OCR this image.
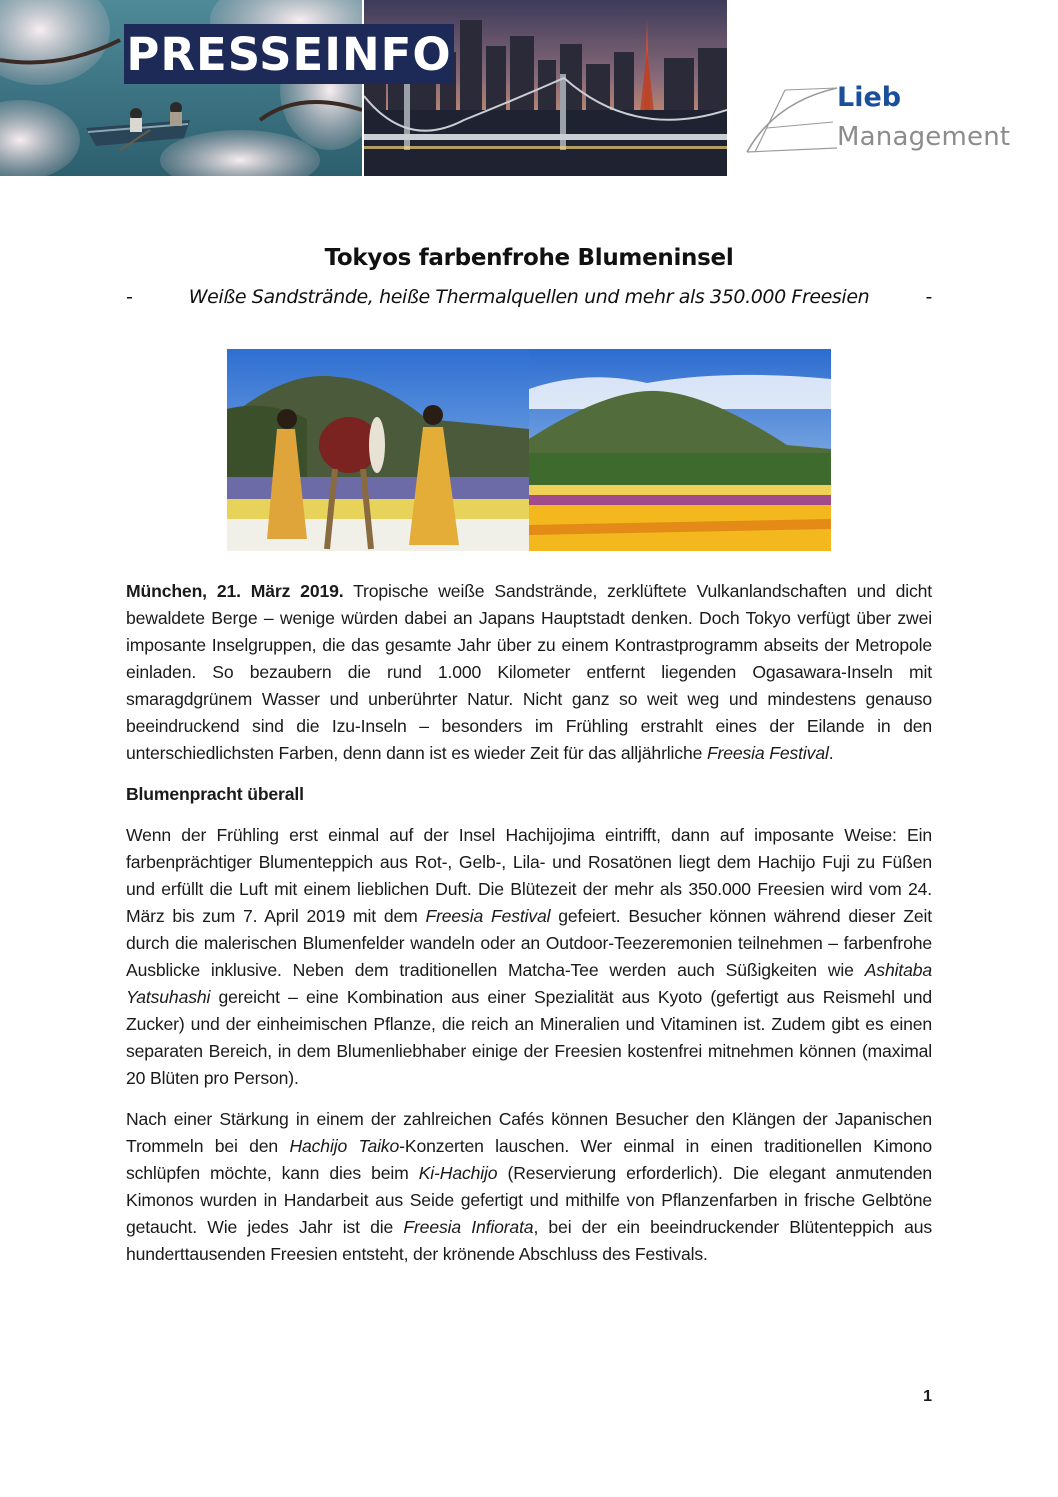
PRESSEINFO
Lieb
Management
Tokyos farbenfrohe Blumeninsel
-	Weiße Sandstrände, heiße Thermalquellen und mehr als 350.000 Freesien	-

München, 21. März 2019. Tropische weiße Sandstrände, zerklüftete Vulkanlandschaften und dicht bewaldete Berge – wenige würden dabei an Japans Hauptstadt denken. Doch Tokyo verfügt über zwei imposante Inselgruppen, die das gesamte Jahr über zu einem Kontrastprogramm abseits der Metropole einladen. So bezaubern die rund 1.000 Kilometer entfernt liegenden Ogasawara-Inseln mit smaragdgrünem Wasser und unberührter Natur. Nicht ganz so weit weg und mindestens genauso beeindruckend sind die Izu-Inseln – besonders im Frühling erstrahlt eines der Eilande in den unterschiedlichsten Farben, denn dann ist es wieder Zeit für das alljährliche Freesia Festival.

Blumenpracht überall

Wenn der Frühling erst einmal auf der Insel Hachijojima eintrifft, dann auf imposante Weise: Ein farbenprächtiger Blumenteppich aus Rot-, Gelb-, Lila- und Rosatönen liegt dem Hachijo Fuji zu Füßen und erfüllt die Luft mit einem lieblichen Duft. Die Blütezeit der mehr als 350.000 Freesien wird vom 24. März bis zum 7. April 2019 mit dem Freesia Festival gefeiert. Besucher können während dieser Zeit durch die malerischen Blumenfelder wandeln oder an Outdoor-Teezeremonien teilnehmen – farbenfrohe Ausblicke inklusive. Neben dem traditionellen Matcha-Tee werden auch Süßigkeiten wie Ashitaba Yatsuhashi gereicht – eine Kombination aus einer Spezialität aus Kyoto (gefertigt aus Reismehl und Zucker) und der einheimischen Pflanze, die reich an Mineralien und Vitaminen ist. Zudem gibt es einen separaten Bereich, in dem Blumenliebhaber einige der Freesien kostenfrei mitnehmen können (maximal 20 Blüten pro Person).

Nach einer Stärkung in einem der zahlreichen Cafés können Besucher den Klängen der Japanischen Trommeln bei den Hachijo Taiko-Konzerten lauschen. Wer einmal in einen traditionellen Kimono schlüpfen möchte, kann dies beim Ki-Hachijo (Reservierung erforderlich). Die elegant anmutenden Kimonos wurden in Handarbeit aus Seide gefertigt und mithilfe von Pflanzenfarben in frische Gelbtöne getaucht. Wie jedes Jahr ist die Freesia Infiorata, bei der ein beeindruckender Blütenteppich aus hunderttausenden Freesien entsteht, der krönende Abschluss des Festivals.

1
